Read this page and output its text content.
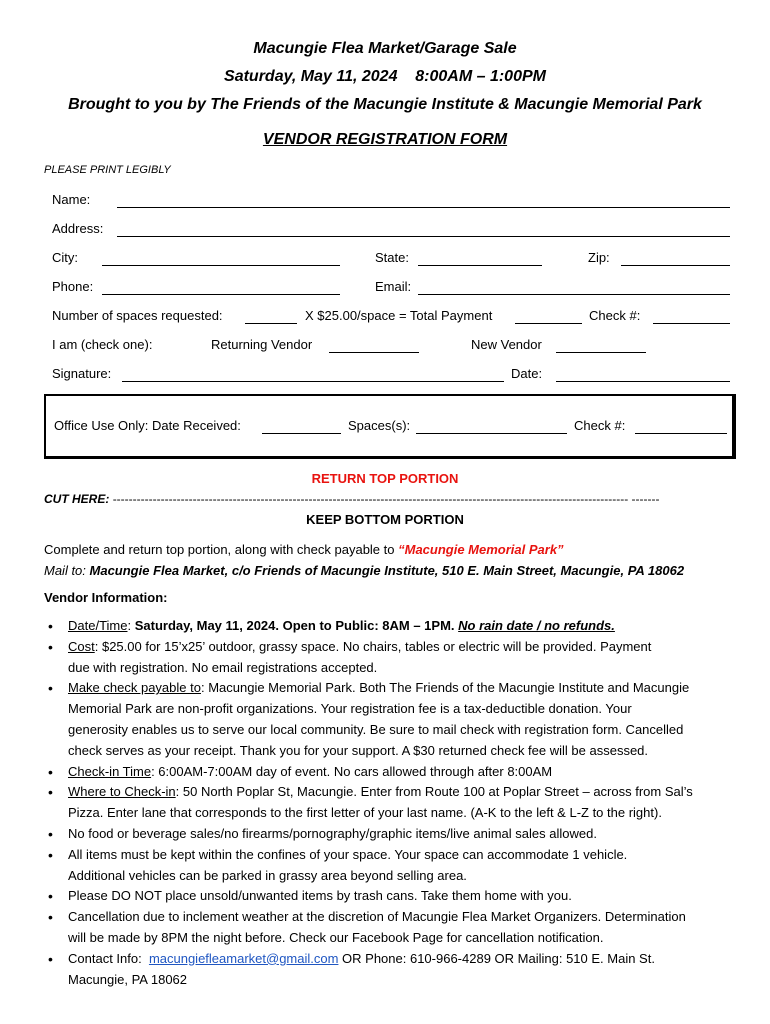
Macungie Flea Market/Garage Sale
Saturday, May 11, 2024    8:00AM – 1:00PM
Brought to you by The Friends of the Macungie Institute & Macungie Memorial Park
VENDOR REGISTRATION FORM
PLEASE PRINT LEGIBLY
Name:
Address:
City:	State:	Zip:
Phone:	Email:
Number of spaces requested:	X $25.00/space = Total Payment	Check #:
I am (check one):	Returning Vendor	New Vendor
Signature:	Date:
Office Use Only: Date Received:	Spaces(s):	Check #:
RETURN TOP PORTION
CUT HERE: --------------------------------------------------------------------------------------------------------------------------------- -------
KEEP BOTTOM PORTION
Complete and return top portion, along with check payable to “Macungie Memorial Park”
Mail to: Macungie Flea Market, c/o Friends of Macungie Institute, 510 E. Main Street, Macungie, PA 18062
Vendor Information:
• Date/Time: Saturday, May 11, 2024. Open to Public: 8AM – 1PM. No rain date / no refunds.
• Cost: $25.00 for 15’x25’ outdoor, grassy space. No chairs, tables or electric will be provided. Payment
due with registration. No email registrations accepted.
• Make check payable to: Macungie Memorial Park. Both The Friends of the Macungie Institute and Macungie
Memorial Park are non-profit organizations. Your registration fee is a tax-deductible donation. Your
generosity enables us to serve our local community. Be sure to mail check with registration form. Cancelled
check serves as your receipt. Thank you for your support. A $30 returned check fee will be assessed.
• Check-in Time: 6:00AM-7:00AM day of event. No cars allowed through after 8:00AM
• Where to Check-in: 50 North Poplar St, Macungie. Enter from Route 100 at Poplar Street – across from Sal’s
Pizza. Enter lane that corresponds to the first letter of your last name. (A-K to the left & L-Z to the right).
• No food or beverage sales/no firearms/pornography/graphic items/live animal sales allowed.
• All items must be kept within the confines of your space. Your space can accommodate 1 vehicle.
Additional vehicles can be parked in grassy area beyond selling area.
• Please DO NOT place unsold/unwanted items by trash cans. Take them home with you.
• Cancellation due to inclement weather at the discretion of Macungie Flea Market Organizers. Determination
will be made by 8PM the night before. Check our Facebook Page for cancellation notification.
• Contact Info:  macungiefleamarket@gmail.com OR Phone: 610-966-4289 OR Mailing: 510 E. Main St.
Macungie, PA 18062
